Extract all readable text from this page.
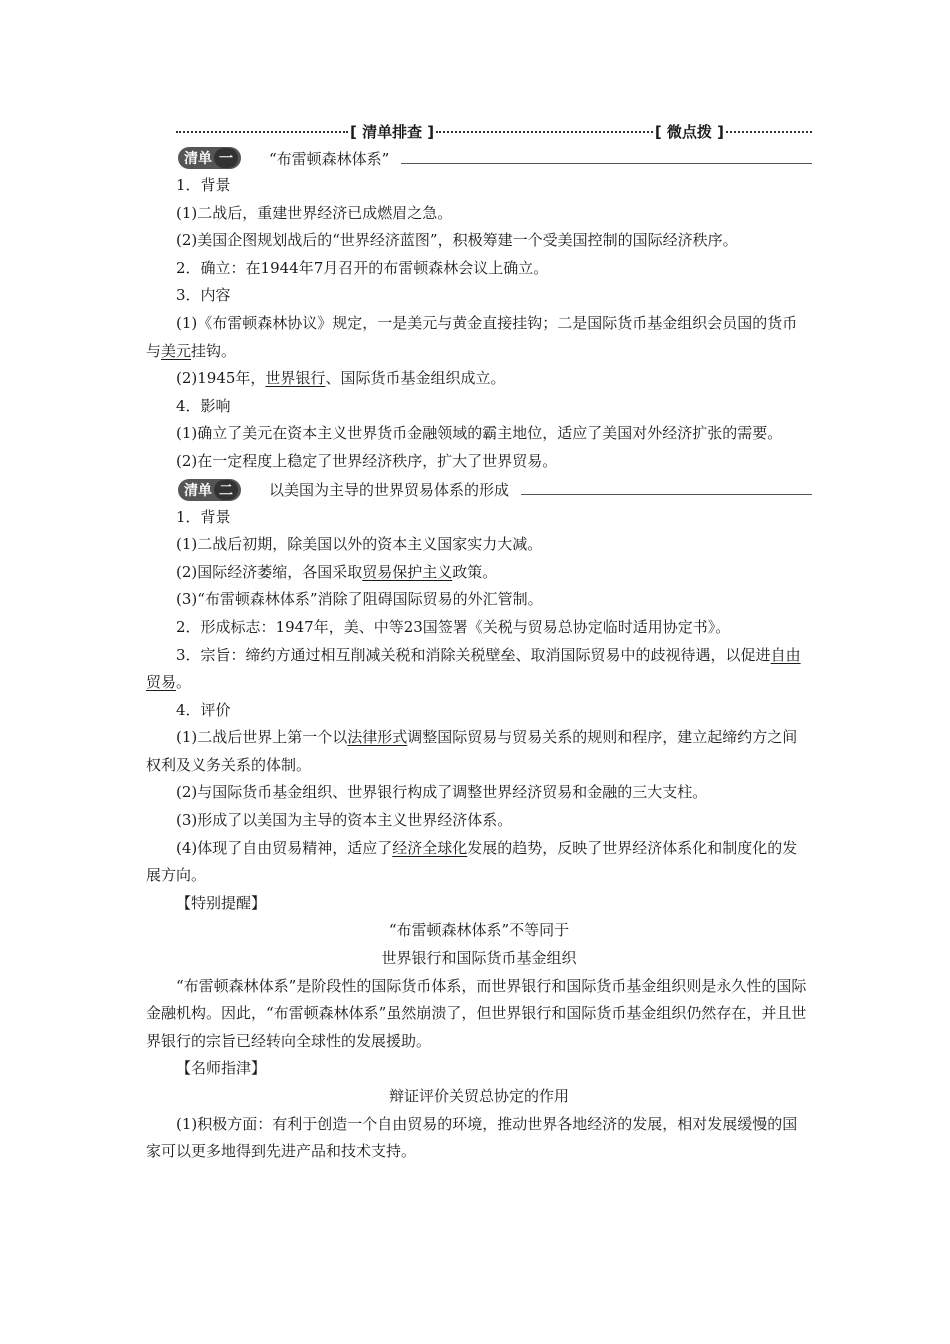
[ 清单排查 ]	[ 微点拨 ]
清单 一	“布雷顿森林体系”

1．背景

(1)二战后，重建世界经济已成燃眉之急。

(2)美国企图规划战后的“世界经济蓝图”，积极筹建一个受美国控制的国际经济秩序。

2．确立：在1944年7月召开的布雷顿森林会议上确立。

3．内容

(1)《布雷顿森林协议》规定，一是美元与黄金直接挂钩；二是国际货币基金组织会员国的货币与美元挂钩。

(2)1945年，世界银行、国际货币基金组织成立。

4．影响

(1)确立了美元在资本主义世界货币金融领域的霸主地位，适应了美国对外经济扩张的需要。

(2)在一定程度上稳定了世界经济秩序，扩大了世界贸易。

清单 二	以美国为主导的世界贸易体系的形成

1．背景

(1)二战后初期，除美国以外的资本主义国家实力大减。

(2)国际经济萎缩，各国采取贸易保护主义政策。

(3)“布雷顿森林体系”消除了阻碍国际贸易的外汇管制。

2．形成标志：1947年，美、中等23国签署《关税与贸易总协定临时适用协定书》。

3．宗旨：缔约方通过相互削减关税和消除关税壁垒、取消国际贸易中的歧视待遇，以促进自由贸易。

4．评价

(1)二战后世界上第一个以法律形式调整国际贸易与贸易关系的规则和程序，建立起缔约方之间权利及义务关系的体制。

(2)与国际货币基金组织、世界银行构成了调整世界经济贸易和金融的三大支柱。

(3)形成了以美国为主导的资本主义世界经济体系。

(4)体现了自由贸易精神，适应了经济全球化发展的趋势，反映了世界经济体系化和制度化的发展方向。

【特别提醒】

“布雷顿森林体系”不等同于

世界银行和国际货币基金组织

“布雷顿森林体系”是阶段性的国际货币体系，而世界银行和国际货币基金组织则是永久性的国际金融机构。因此，“布雷顿森林体系”虽然崩溃了，但世界银行和国际货币基金组织仍然存在，并且世界银行的宗旨已经转向全球性的发展援助。

【名师指津】

辩证评价关贸总协定的作用

(1)积极方面：有利于创造一个自由贸易的环境，推动世界各地经济的发展，相对发展缓慢的国家可以更多地得到先进产品和技术支持。
